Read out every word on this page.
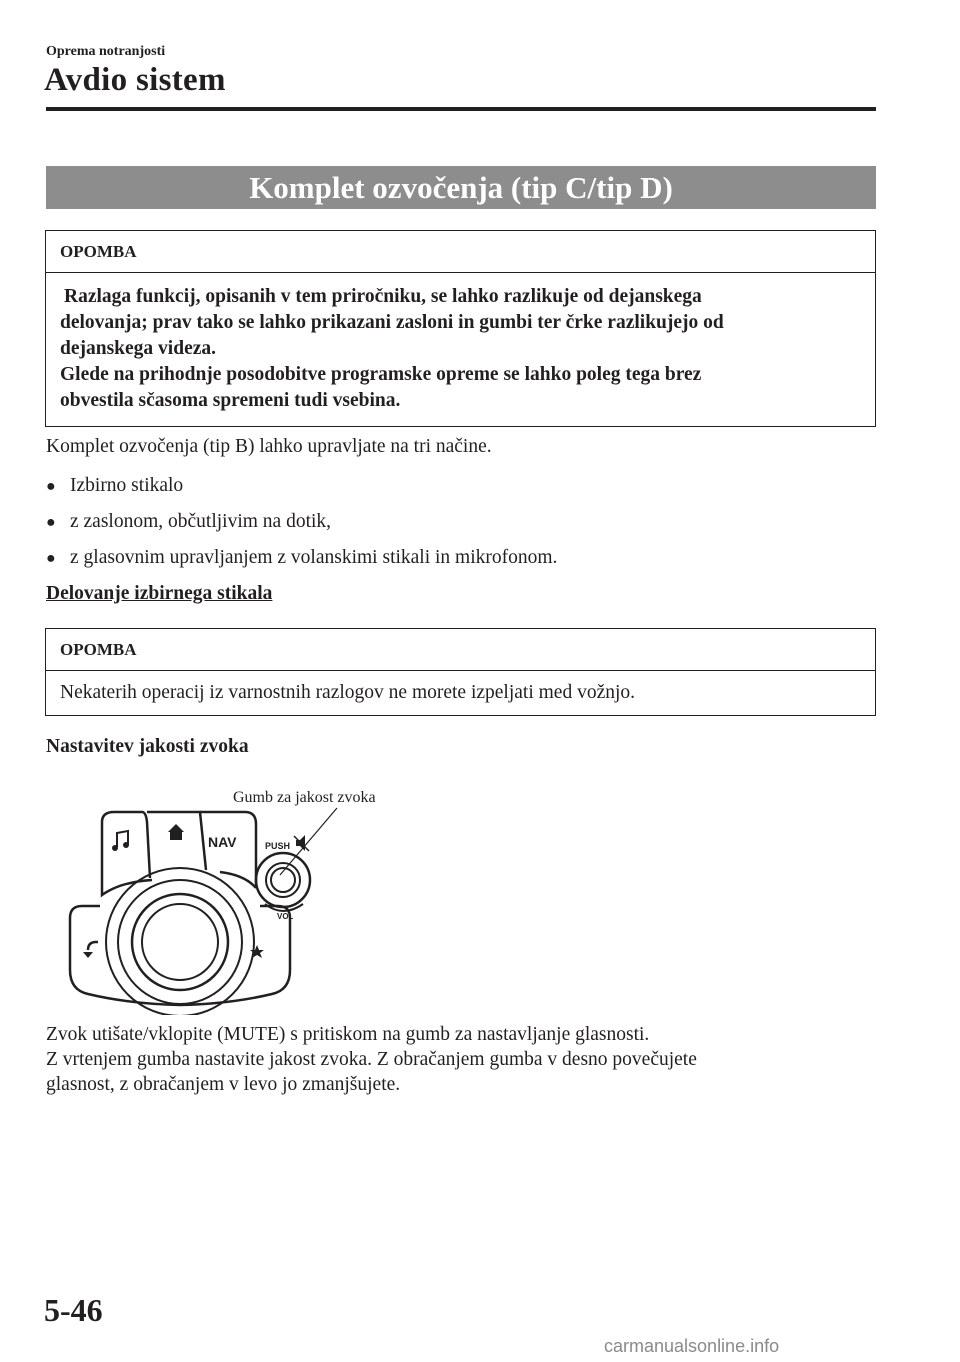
Oprema notranjosti
Avdio sistem
Komplet ozvočenja (tip C/tip D)
OPOMBA
Razlaga funkcij, opisanih v tem priročniku, se lahko razlikuje od dejanskega
delovanja; prav tako se lahko prikazani zasloni in gumbi ter črke razlikujejo od
dejanskega videza.
Glede na prihodnje posodobitve programske opreme se lahko poleg tega brez
obvestila sčasoma spremeni tudi vsebina.
Komplet ozvočenja (tip B) lahko upravljate na tri načine.
● Izbirno stikalo
● z zaslonom, občutljivim na dotik,
● z glasovnim upravljanjem z volanskimi stikali in mikrofonom.
Delovanje izbirnega stikala
OPOMBA
Nekaterih operacij iz varnostnih razlogov ne morete izpeljati med vožnjo.
Nastavitev jakosti zvoka
Gumb za jakost zvoka
NAV	PUSH
VOL
Zvok utišate/vklopite (MUTE) s pritiskom na gumb za nastavljanje glasnosti.
Z vrtenjem gumba nastavite jakost zvoka. Z obračanjem gumba v desno povečujete
glasnost, z obračanjem v levo jo zmanjšujete.
5-46
carmanualsonline.info
